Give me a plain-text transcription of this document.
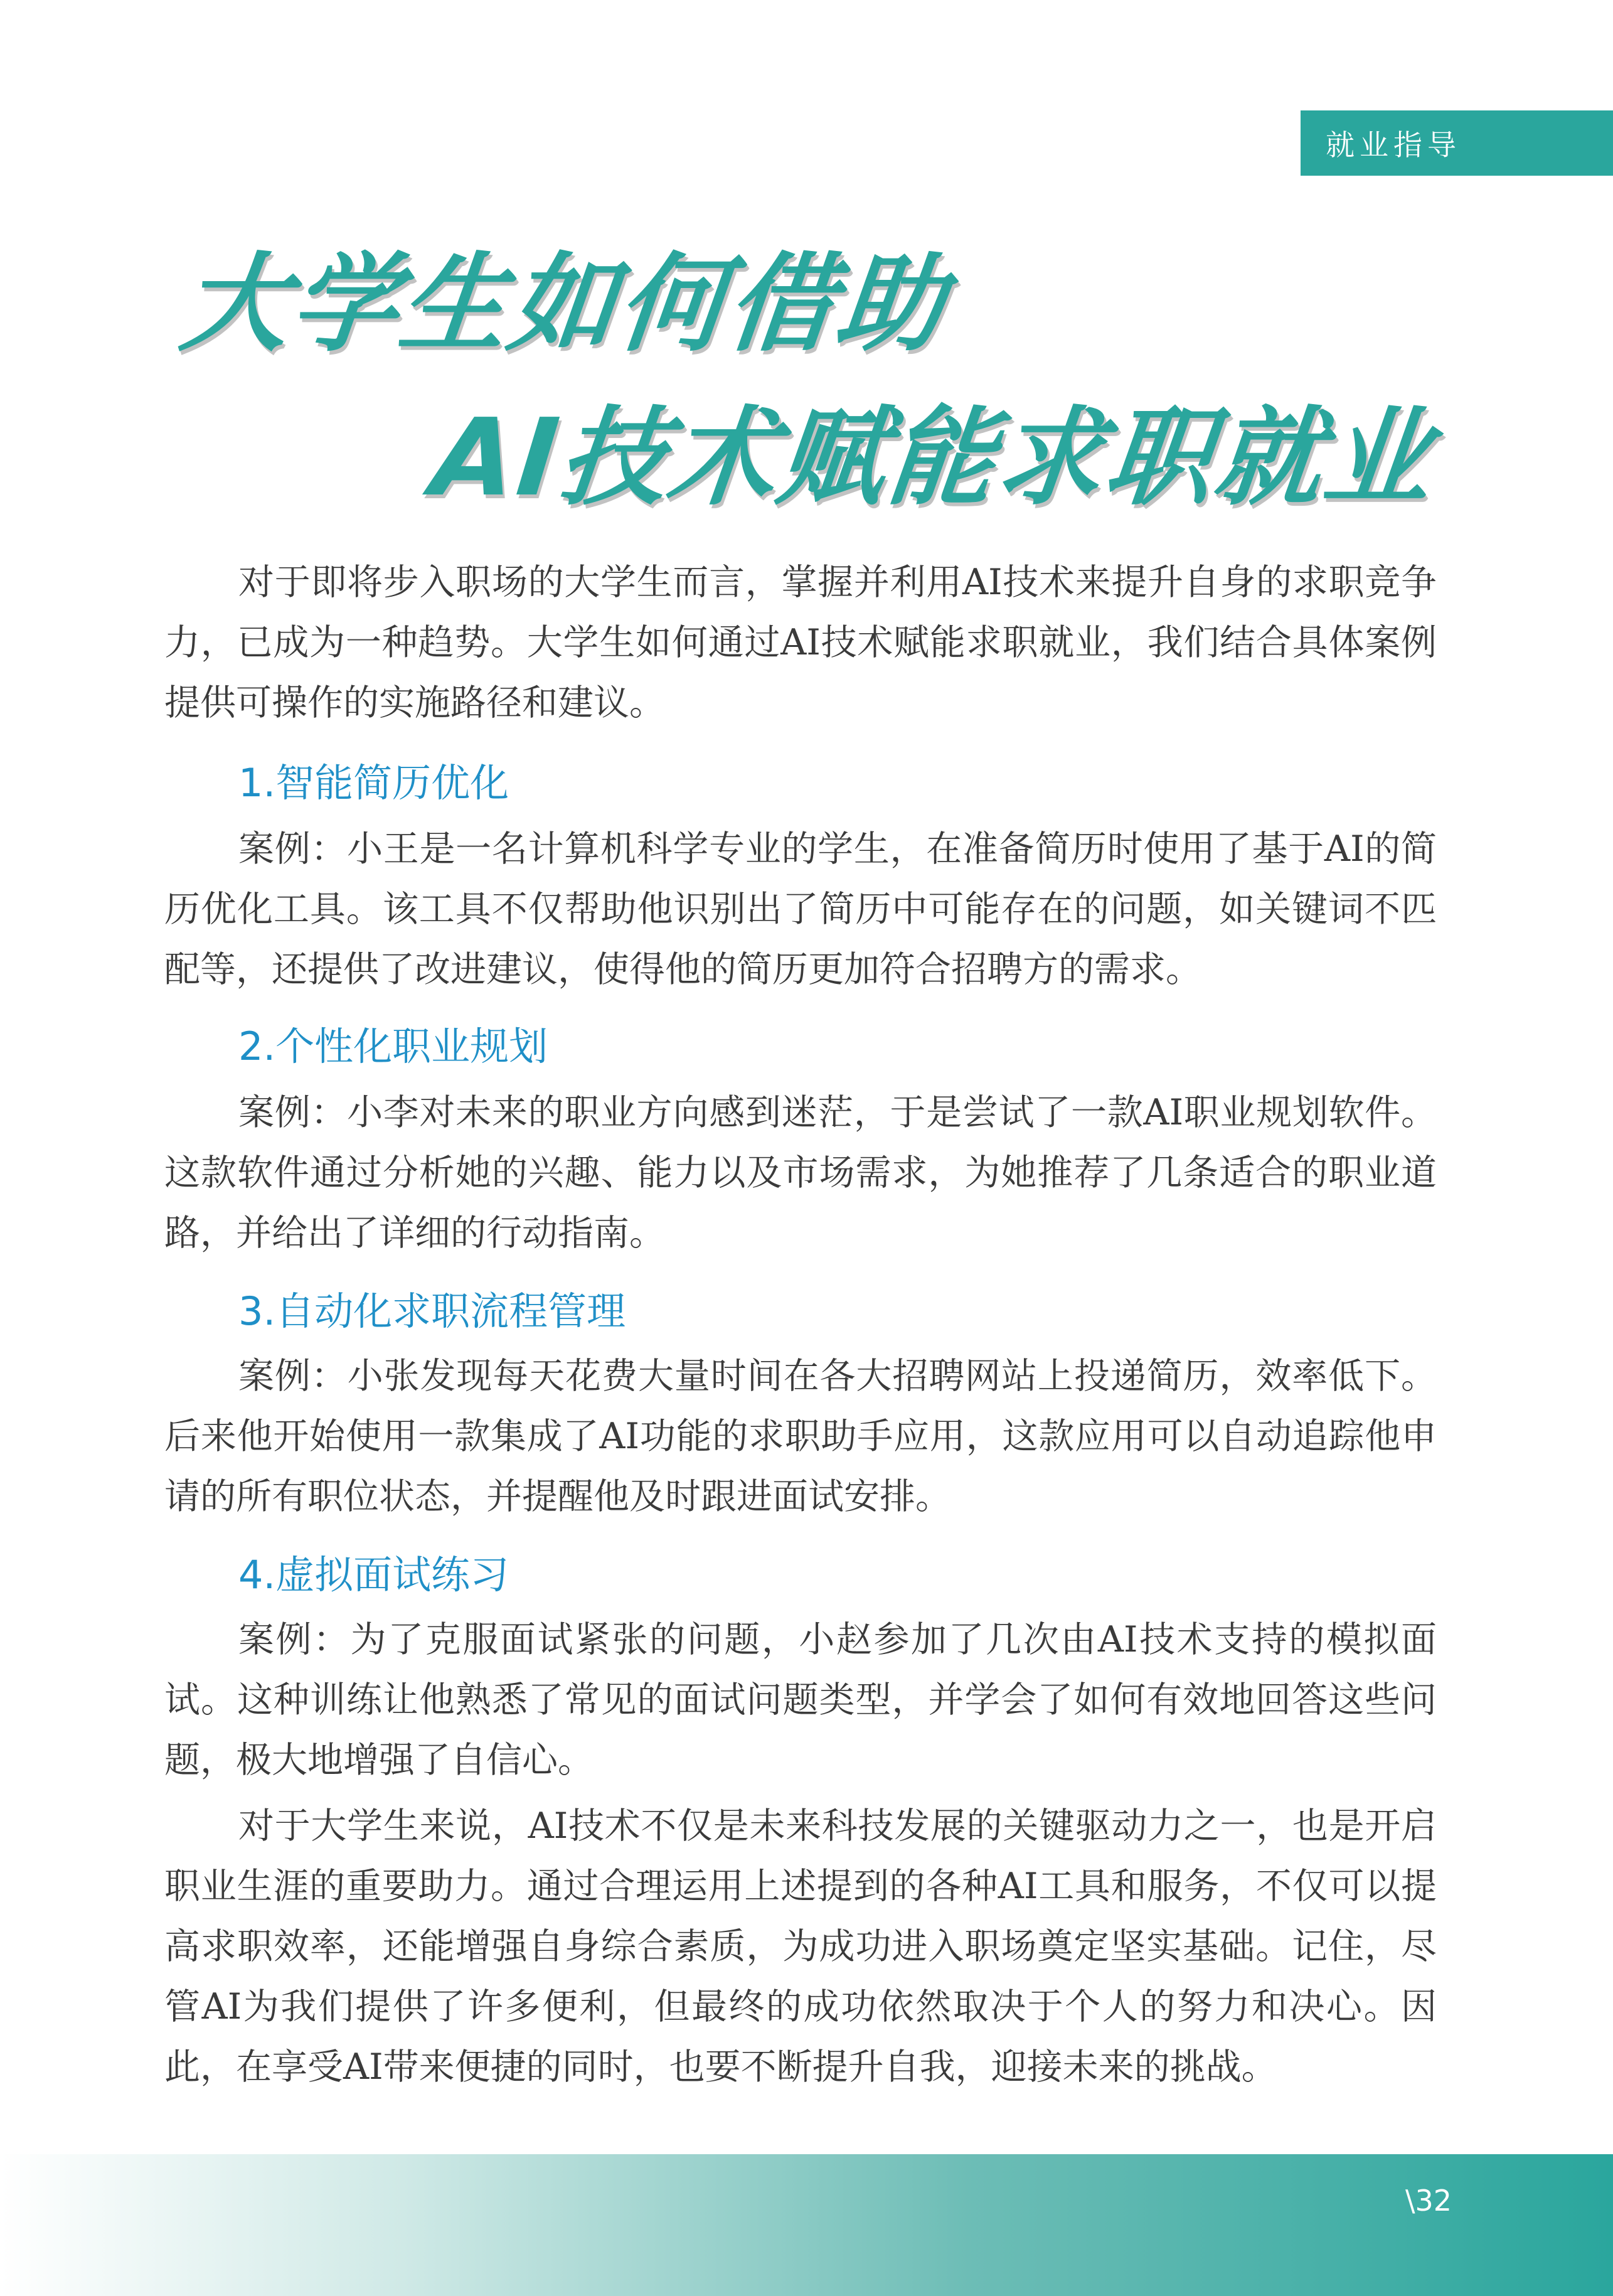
就业指导
大学生如何借助
AI技术赋能求职就业

对于即将步入职场的大学生而言，掌握并利用AI技术来提升自身的求职竞争力，已成为一种趋势。大学生如何通过AI技术赋能求职就业，我们结合具体案例提供可操作的实施路径和建议。

1.智能简历优化

案例：小王是一名计算机科学专业的学生，在准备简历时使用了基于AI的简历优化工具。该工具不仅帮助他识别出了简历中可能存在的问题，如关键词不匹配等，还提供了改进建议，使得他的简历更加符合招聘方的需求。

2.个性化职业规划

案例：小李对未来的职业方向感到迷茫，于是尝试了一款AI职业规划软件。这款软件通过分析她的兴趣、能力以及市场需求，为她推荐了几条适合的职业道路，并给出了详细的行动指南。

3.自动化求职流程管理

案例：小张发现每天花费大量时间在各大招聘网站上投递简历，效率低下。后来他开始使用一款集成了AI功能的求职助手应用，这款应用可以自动追踪他申请的所有职位状态，并提醒他及时跟进面试安排。

4.虚拟面试练习

案例：为了克服面试紧张的问题，小赵参加了几次由AI技术支持的模拟面试。这种训练让他熟悉了常见的面试问题类型，并学会了如何有效地回答这些问题，极大地增强了自信心。

对于大学生来说，AI技术不仅是未来科技发展的关键驱动力之一，也是开启职业生涯的重要助力。通过合理运用上述提到的各种AI工具和服务，不仅可以提高求职效率，还能增强自身综合素质，为成功进入职场奠定坚实基础。记住，尽管AI为我们提供了许多便利，但最终的成功依然取决于个人的努力和决心。因此，在享受AI带来便捷的同时，也要不断提升自我，迎接未来的挑战。

\32
